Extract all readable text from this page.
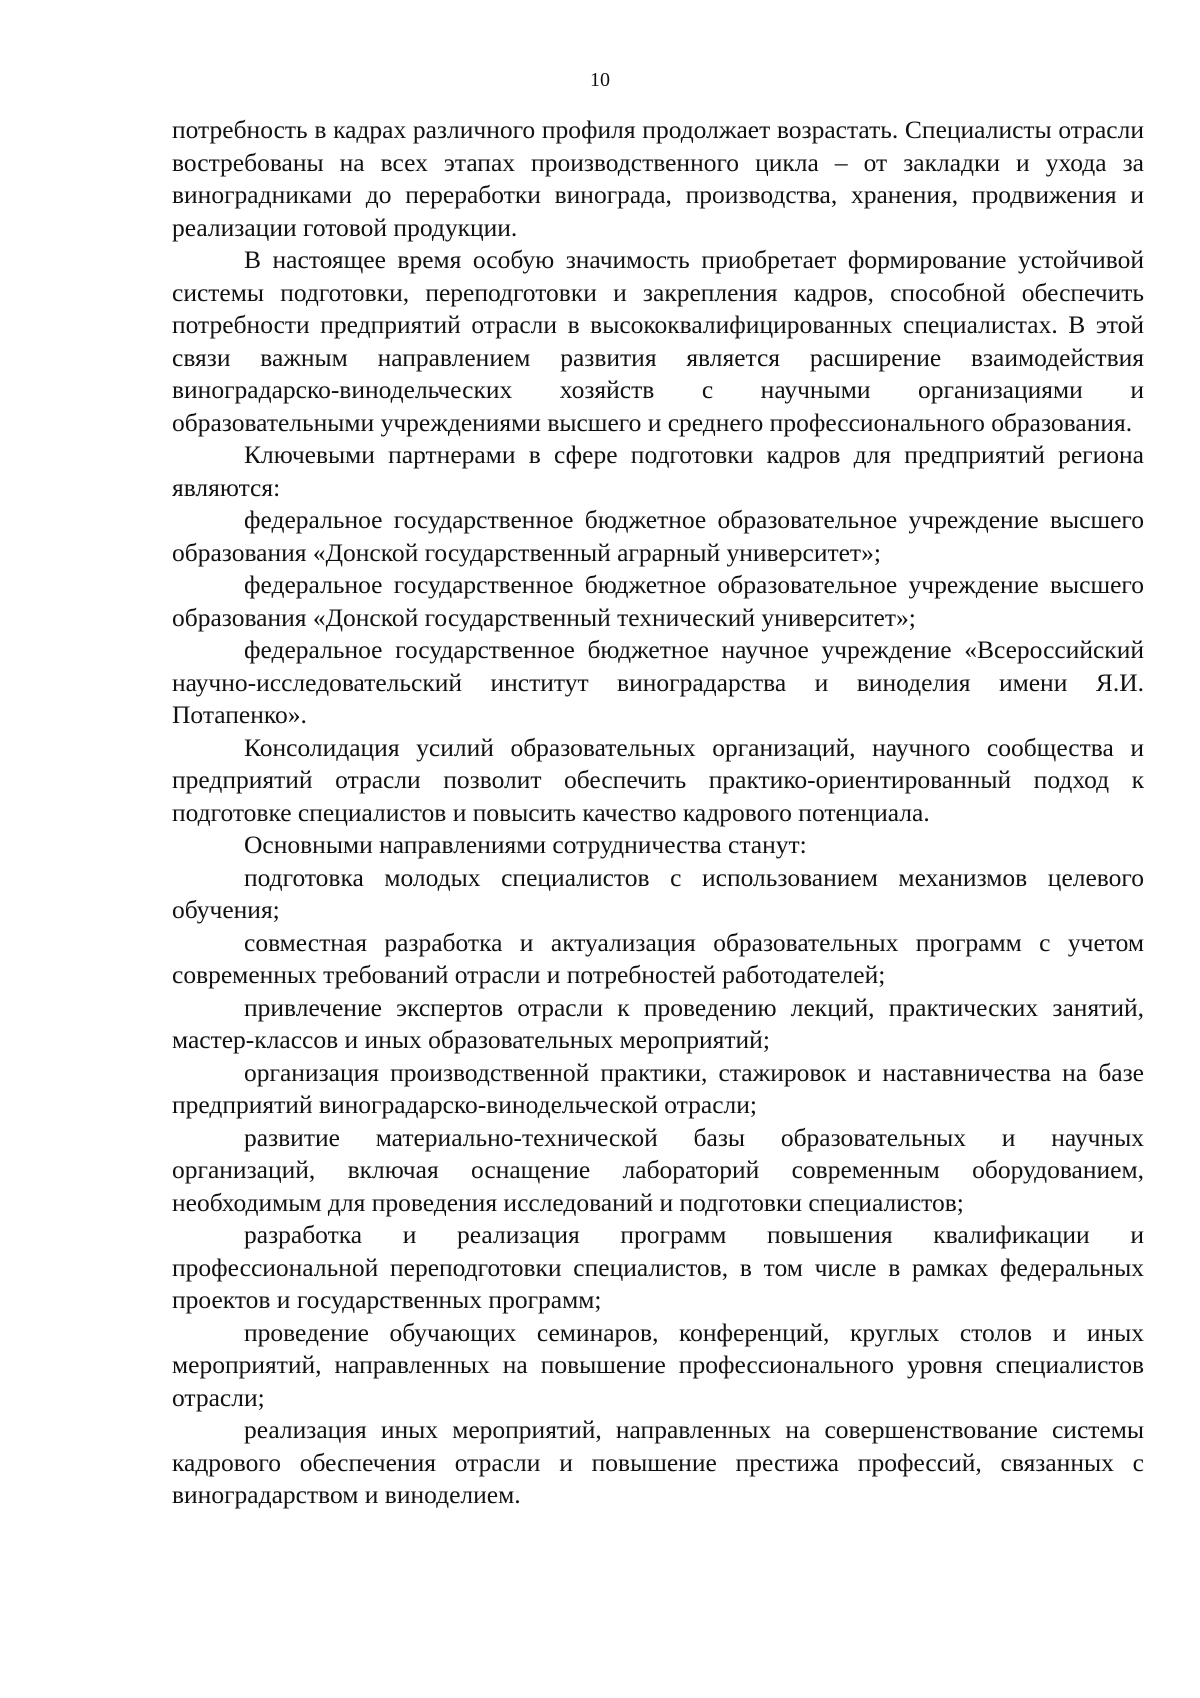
10

потребность в кадрах различного профиля продолжает возрастать. Специалисты отрасли востребованы на всех этапах производственного цикла – от закладки и ухода за виноградниками до переработки винограда, производства, хранения, продвижения и реализации готовой продукции.

В настоящее время особую значимость приобретает формирование устойчивой системы подготовки, переподготовки и закрепления кадров, способной обеспечить потребности предприятий отрасли в высококвалифицированных специалистах. В этой связи важным направлением развития является расширение взаимодействия виноградарско-винодельческих хозяйств с научными организациями и образовательными учреждениями высшего и среднего профессионального образования.

Ключевыми партнерами в сфере подготовки кадров для предприятий региона являются:

федеральное государственное бюджетное образовательное учреждение высшего образования «Донской государственный аграрный университет»;

федеральное государственное бюджетное образовательное учреждение высшего образования «Донской государственный технический университет»;

федеральное государственное бюджетное научное учреждение «Всероссийский научно-исследовательский институт виноградарства и виноделия имени Я.И. Потапенко».

Консолидация усилий образовательных организаций, научного сообщества и предприятий отрасли позволит обеспечить практико-ориентированный подход к подготовке специалистов и повысить качество кадрового потенциала.

Основными направлениями сотрудничества станут:

подготовка молодых специалистов с использованием механизмов целевого обучения;

совместная разработка и актуализация образовательных программ с учетом современных требований отрасли и потребностей работодателей;

привлечение экспертов отрасли к проведению лекций, практических занятий, мастер-классов и иных образовательных мероприятий;

организация производственной практики, стажировок и наставничества на базе предприятий виноградарско-винодельческой отрасли;

развитие материально-технической базы образовательных и научных организаций, включая оснащение лабораторий современным оборудованием, необходимым для проведения исследований и подготовки специалистов;

разработка и реализация программ повышения квалификации и профессиональной переподготовки специалистов, в том числе в рамках федеральных проектов и государственных программ;

проведение обучающих семинаров, конференций, круглых столов и иных мероприятий, направленных на повышение профессионального уровня специалистов отрасли;

реализация иных мероприятий, направленных на совершенствование системы кадрового обеспечения отрасли и повышение престижа профессий, связанных с виноградарством и виноделием.
